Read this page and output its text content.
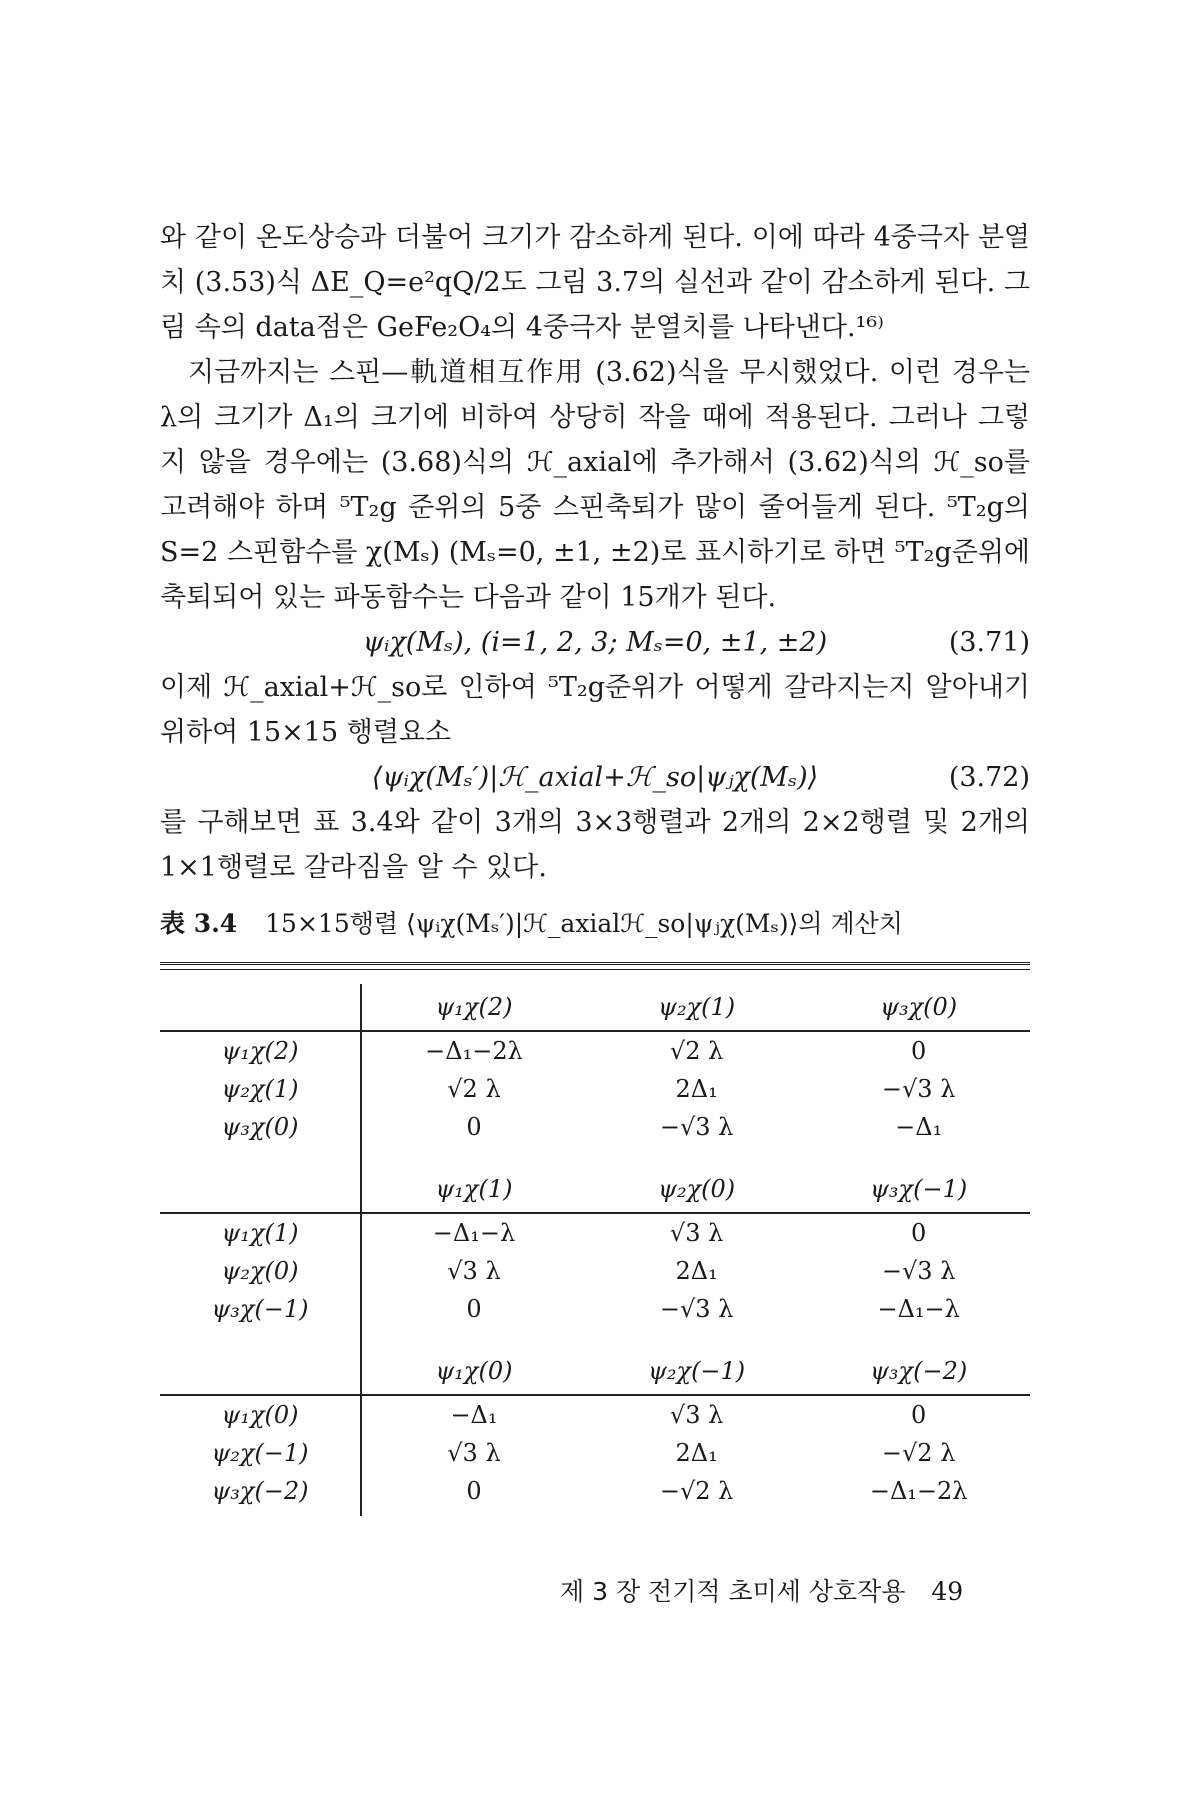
와 같이 온도상승과 더불어 크기가 감소하게 된다. 이에 따라 4중극자 분열치 (3.53)식 ΔE_Q=e²qQ/2도 그림 3.7의 실선과 같이 감소하게 된다. 그림 속의 data점은 GeFe₂O₄의 4중극자 분열치를 나타낸다.¹⁶⁾

지금까지는 스핀—軌道相互作用 (3.62)식을 무시했었다. 이런 경우는 λ의 크기가 Δ₁의 크기에 비하여 상당히 작을 때에 적용된다. 그러나 그렇지 않을 경우에는 (3.68)식의 ℋ_axial에 추가해서 (3.62)식의 ℋ_so를 고려해야 하며 ⁵T₂g 준위의 5중 스핀축퇴가 많이 줄어들게 된다. ⁵T₂g의 S=2 스핀함수를 χ(Mₛ) (Mₛ=0, ±1, ±2)로 표시하기로 하면 ⁵T₂g준위에 축퇴되어 있는 파동함수는 다음과 같이 15개가 된다.

ψᵢχ(Mₛ), (i=1, 2, 3; Mₛ=0, ±1, ±2)	(3.71)

이제 ℋ_axial+ℋ_so로 인하여 ⁵T₂g준위가 어떻게 갈라지는지 알아내기 위하여 15×15 행렬요소

⟨ψᵢχ(Mₛ′)|ℋ_axial+ℋ_so|ψⱼχ(Mₛ)⟩	(3.72)

를 구해보면 표 3.4와 같이 3개의 3×3행렬과 2개의 2×2행렬 및 2개의 1×1행렬로 갈라짐을 알 수 있다.

表 3.4 15×15행렬 ⟨ψᵢχ(Mₛ′)|ℋ_axialℋ_so|ψⱼχ(Mₛ)⟩의 계산치
	ψ₁χ(2)	ψ₂χ(1)	ψ₃χ(0)
ψ₁χ(2)	−Δ₁−2λ	√2 λ	0
ψ₂χ(1)	√2 λ	2Δ₁	−√3 λ
ψ₃χ(0)	0	−√3 λ	−Δ₁

	ψ₁χ(1)	ψ₂χ(0)	ψ₃χ(−1)
ψ₁χ(1)	−Δ₁−λ	√3 λ	0
ψ₂χ(0)	√3 λ	2Δ₁	−√3 λ
ψ₃χ(−1)	0	−√3 λ	−Δ₁−λ

	ψ₁χ(0)	ψ₂χ(−1)	ψ₃χ(−2)
ψ₁χ(0)	−Δ₁	√3 λ	0
ψ₂χ(−1)	√3 λ	2Δ₁	−√2 λ
ψ₃χ(−2)	0	−√2 λ	−Δ₁−2λ
제 3 장 전기적 초미세 상호작용 49
